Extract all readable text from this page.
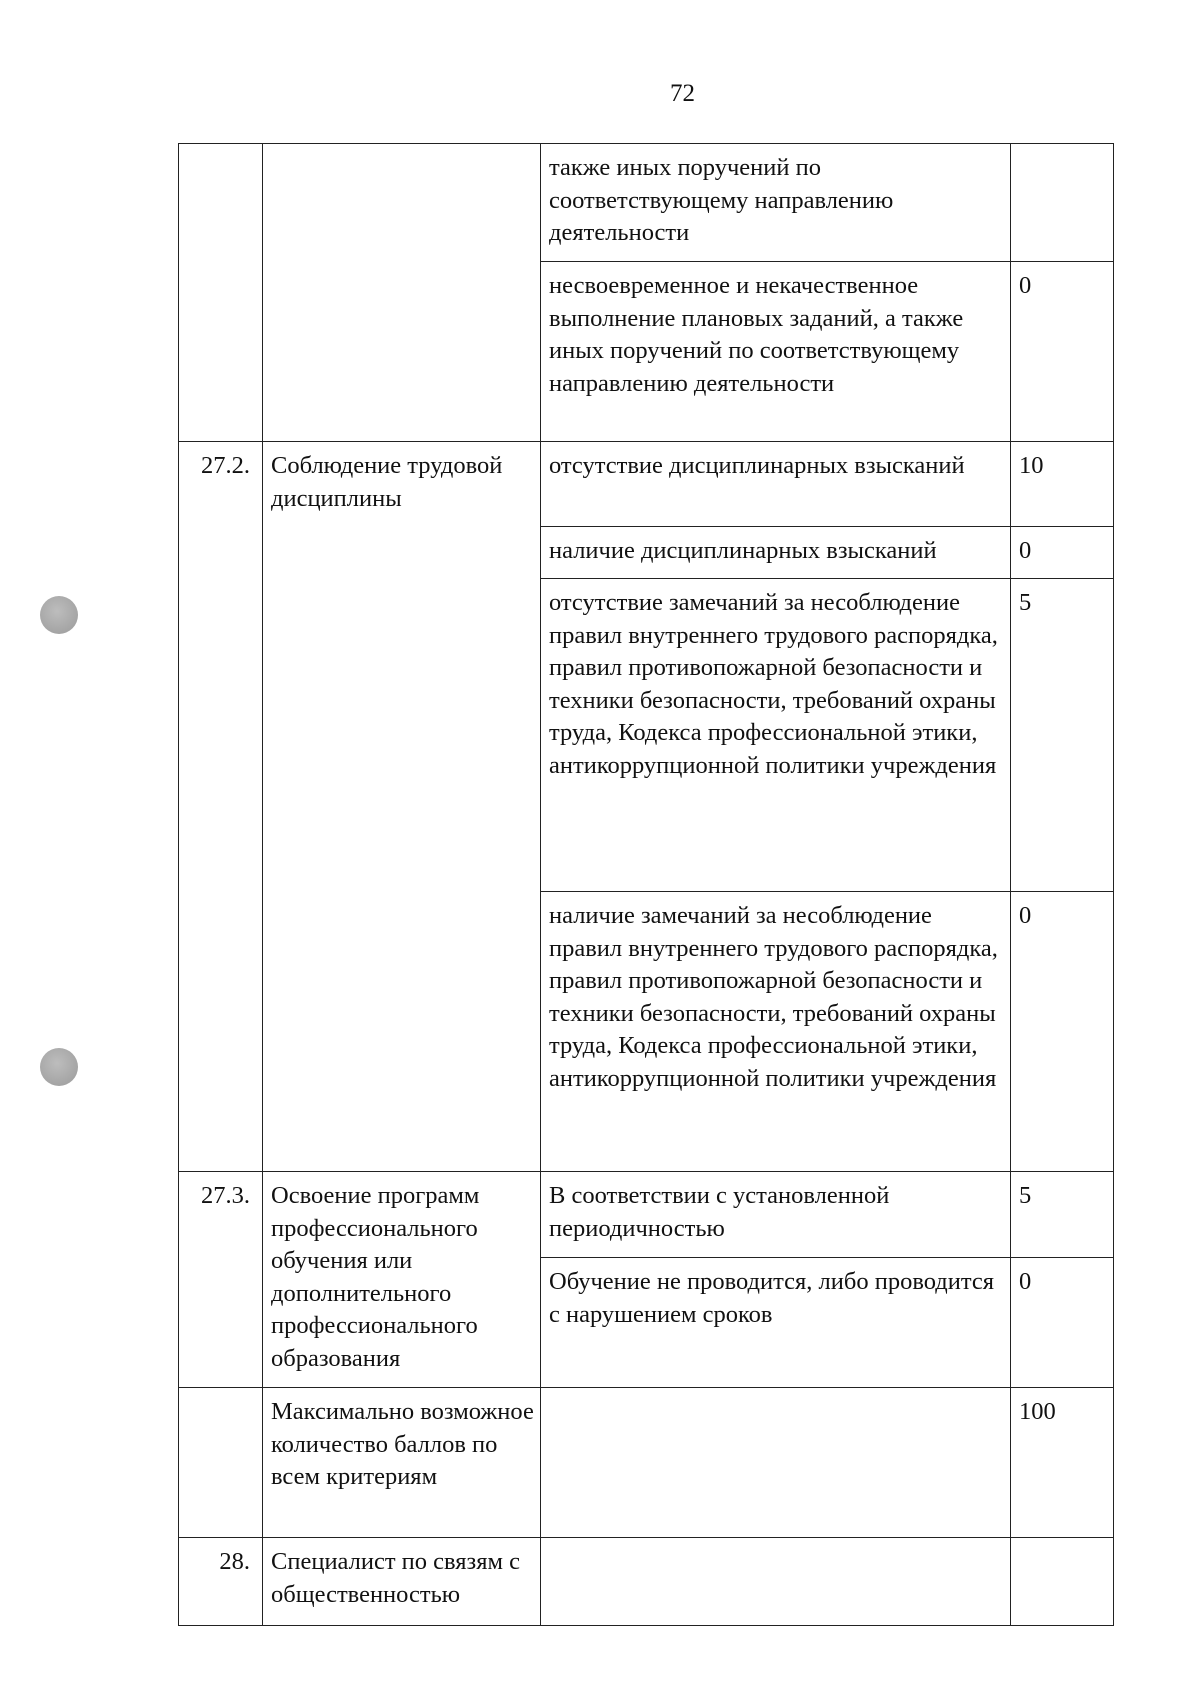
72
		также иных поручений по соответствующему направлению деятельности	
		несвоевременное и некачественное выполнение плановых заданий, а также иных поручений по соответствующему направлению деятельности	0
27.2.	Соблюдение трудовой дисциплины	отсутствие дисциплинарных взысканий	10
		наличие дисциплинарных взысканий	0
		отсутствие замечаний за несоблюдение правил внутреннего трудового распорядка, правил противопожарной безопасности и техники безопасности, требований охраны труда, Кодекса профессиональной этики, антикоррупционной политики учреждения	5
		наличие замечаний за несоблюдение правил внутреннего трудового распорядка, правил противопожарной безопасности и техники безопасности, требований охраны труда, Кодекса профессиональной этики, антикоррупционной политики учреждения	0
27.3.	Освоение программ профессионального обучения или дополнительного профессионального образования	В соответствии с установленной периодичностью	5
		Обучение не проводится, либо проводится с нарушением сроков	0
	Максимально возможное количество баллов по всем критериям		100
28.	Специалист по связям с общественностью		
